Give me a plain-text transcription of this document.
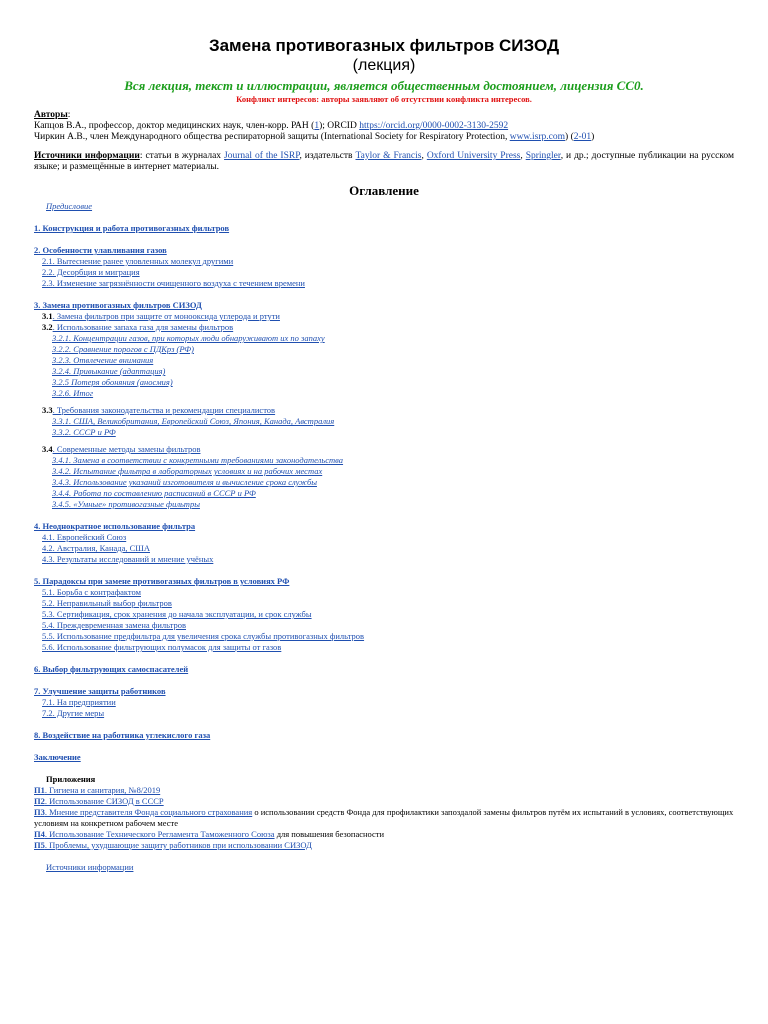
Замена противогазных фильтров СИЗОД
(лекция)
Вся лекция, текст и иллюстрации, является общественным достоянием, лицензия CC0.
Конфликт интересов: авторы заявляют об отсутствии конфликта интересов.
Авторы:
Капцов В.А., профессор, доктор медицинских наук, член-корр. РАН (1); ORCID https://orcid.org/0000-0002-3130-2592
Чиркин А.В., член Международного общества респираторной защиты (International Society for Respiratory Protection, www.isrp.com) (2-01)
Источники информации: статьи в журналах Journal of the ISRP, издательств Taylor & Francis, Oxford University Press, Springler, и др.; доступные публикации на русском языке; и размещённые в интернет материалы.
Оглавление
Предисловие
1. Конструкция и работа противогазных фильтров
2. Особенности улавливания газов
2.1. Вытеснение ранее уловленных молекул другими
2.2. Десорбция и миграция
2.3. Изменение загрязнённости очищенного воздуха с течением времени
3. Замена противогазных фильтров СИЗОД
3.1. Замена фильтров при защите от монооксида углерода и ртути
3.2. Использование запаха газа для замены фильтров
3.2.1. Концентрации газов, при которых люди обнаруживают их по запаху
3.2.2. Сравнение порогов с ПДКрз (РФ)
3.2.3. Отвлечение внимания
3.2.4. Привыкание (адаптация)
3.2.5 Потеря обоняния (аносмия)
3.2.6. Итог
3.3. Требования законодательства и рекомендации специалистов
3.3.1. США, Великобритания, Европейский Союз, Япония, Канада, Австралия
3.3.2. СССР и РФ
3.4. Современные методы замены фильтров
3.4.1. Замена в соответствии с конкретными требованиями законодательства
3.4.2. Испытание фильтра в лабораторных условиях и на рабочих местах
3.4.3. Использование указаний изготовителя и вычисление срока службы
3.4.4. Работа по составлению расписаний в СССР и РФ
3.4.5. «Умные» противогазные фильтры
4. Неоднократное использование фильтра
4.1. Европейский Союз
4.2. Австралия, Канада, США
4.3. Результаты исследований и мнение учёных
5. Парадоксы при замене противогазных фильтров в условиях РФ
5.1. Борьба с контрафактом
5.2. Неправильный выбор фильтров
5.3. Сертификация, срок хранения до начала эксплуатации, и срок службы
5.4. Преждевременная замена фильтров
5.5. Использование предфильтра для увеличения срока службы противогазных фильтров
5.6. Использование фильтрующих полумасок для защиты от газов
6. Выбор фильтрующих самоспасателей
7. Улучшение защиты работников
7.1. На предприятии
7.2. Другие меры
8. Воздействие на работника углекислого газа
Заключение
Приложения
П1. Гигиена и санитария, №8/2019
П2. Использование СИЗОД в СССР
П3. Мнение представителя Фонда социального страхования о использовании средств Фонда для профилактики запоздалой замены фильтров путём их испытаний в условиях, соответствующих условиям на конкретном рабочем месте
П4. Использование Технического Регламента Таможенного Союза для повышения безопасности
П5. Проблемы, ухудшающие защиту работников при использовании СИЗОД
Источники информации
